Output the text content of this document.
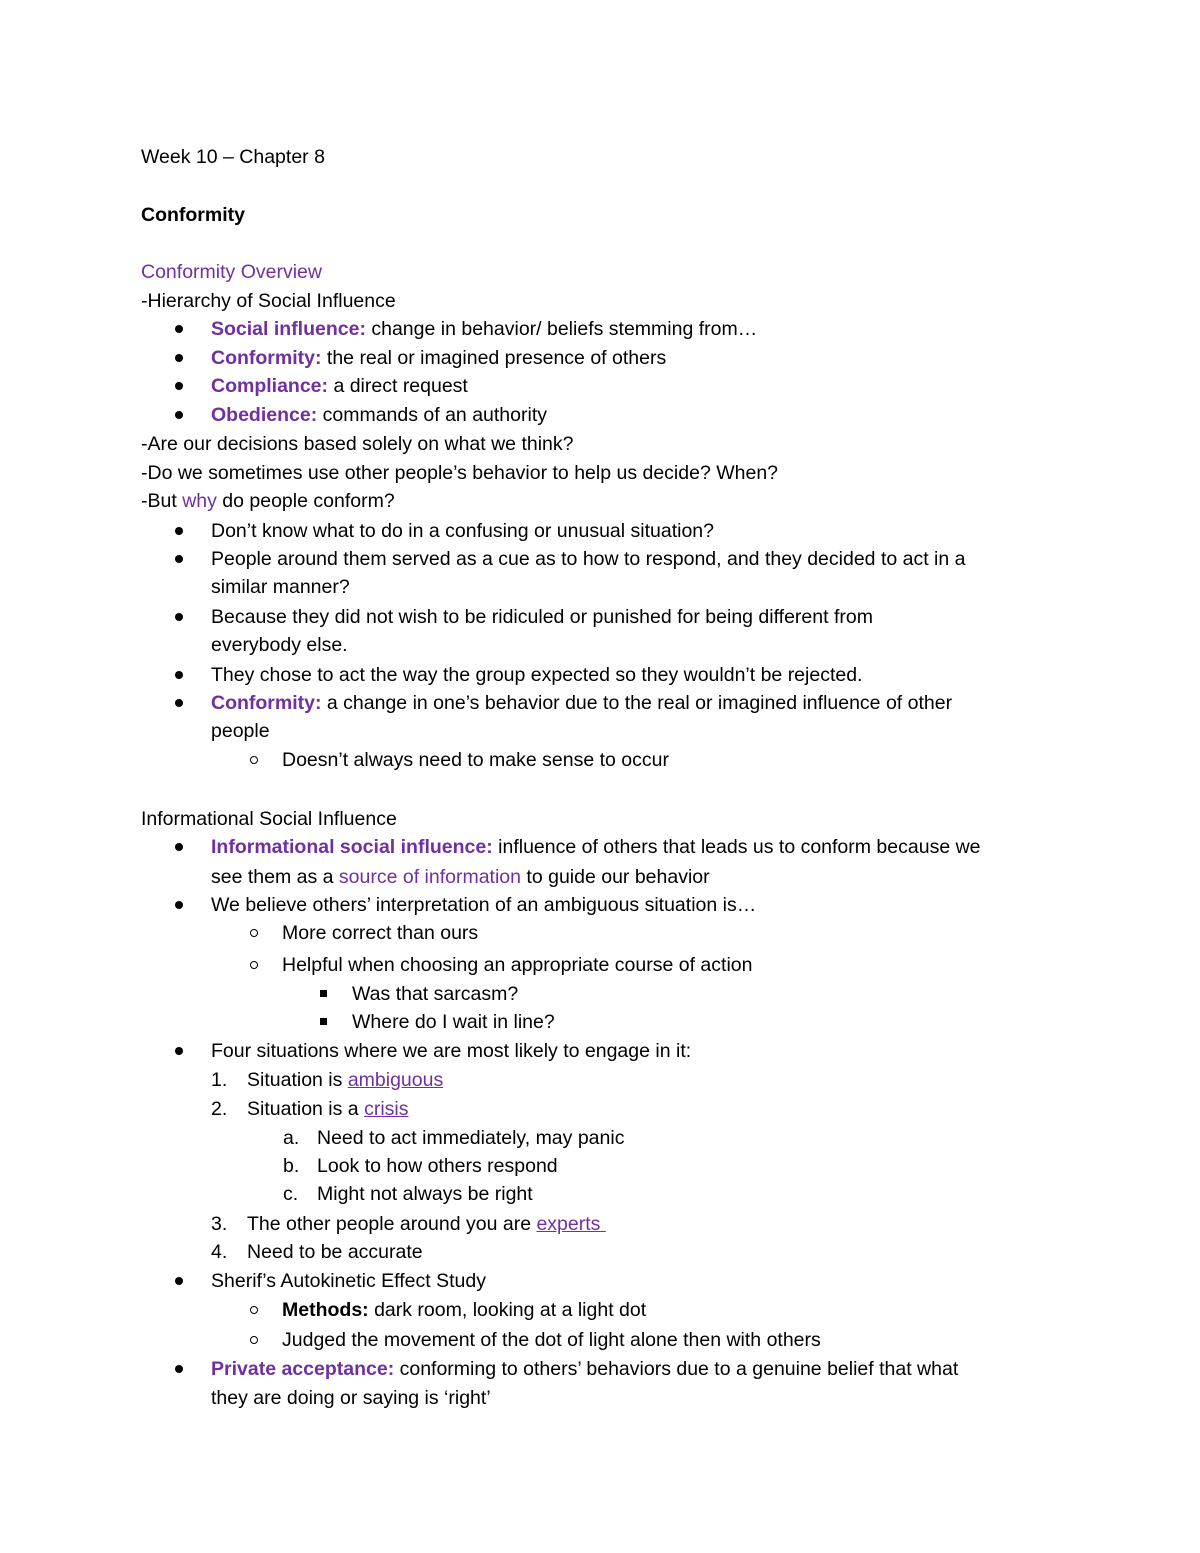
Week 10 – Chapter 8
Conformity
Conformity Overview
-Hierarchy of Social Influence
Social influence: change in behavior/ beliefs stemming from…
Conformity: the real or imagined presence of others
Compliance: a direct request
Obedience: commands of an authority
-Are our decisions based solely on what we think?
-Do we sometimes use other people’s behavior to help us decide? When?
-But why do people conform?
Don’t know what to do in a confusing or unusual situation?
People around them served as a cue as to how to respond, and they decided to act in a
similar manner?
Because they did not wish to be ridiculed or punished for being different from
everybody else.
They chose to act the way the group expected so they wouldn’t be rejected.
Conformity: a change in one’s behavior due to the real or imagined influence of other
people
Doesn’t always need to make sense to occur
Informational Social Influence
Informational social influence: influence of others that leads us to conform because we
see them as a source of information to guide our behavior
We believe others’ interpretation of an ambiguous situation is…
More correct than ours
Helpful when choosing an appropriate course of action
Was that sarcasm?
Where do I wait in line?
Four situations where we are most likely to engage in it:
1. Situation is ambiguous
2. Situation is a crisis
a. Need to act immediately, may panic
b. Look to how others respond
c. Might not always be right
3. The other people around you are experts
4. Need to be accurate
Sherif’s Autokinetic Effect Study
Methods: dark room, looking at a light dot
Judged the movement of the dot of light alone then with others
Private acceptance: conforming to others’ behaviors due to a genuine belief that what
they are doing or saying is ‘right’
